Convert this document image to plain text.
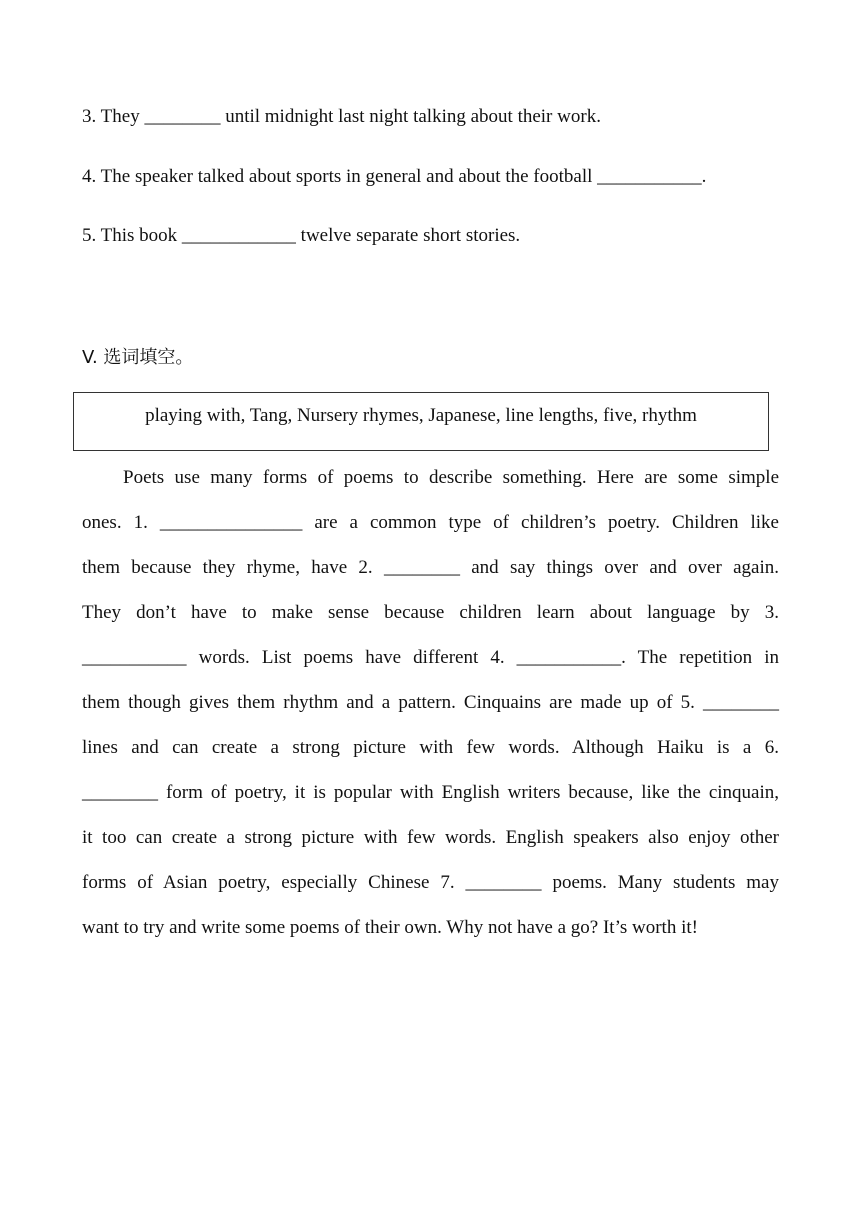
3. They ________ until midnight last night talking about their work.
4. The speaker talked about sports in general and about the football ___________.
5. This book ____________ twelve separate short stories.
V. 选词填空。
playing with, Tang, Nursery rhymes, Japanese, line lengths, five, rhythm
Poets use many forms of poems to describe something. Here are some simple
ones. 1. _______________ are a common type of children’s poetry. Children like
them because they rhyme, have 2. ________ and say things over and over again.
They don’t have to make sense because children learn about language by 3.
___________ words. List poems have different 4. ___________. The repetition in
them though gives them rhythm and a pattern. Cinquains are made up of 5. ________
lines and can create a strong picture with few words. Although Haiku is a 6.
________ form of poetry, it is popular with English writers because, like the cinquain,
it too can create a strong picture with few words. English speakers also enjoy other
forms of Asian poetry, especially Chinese 7. ________ poems. Many students may
want to try and write some poems of their own. Why not have a go? It’s worth it!
